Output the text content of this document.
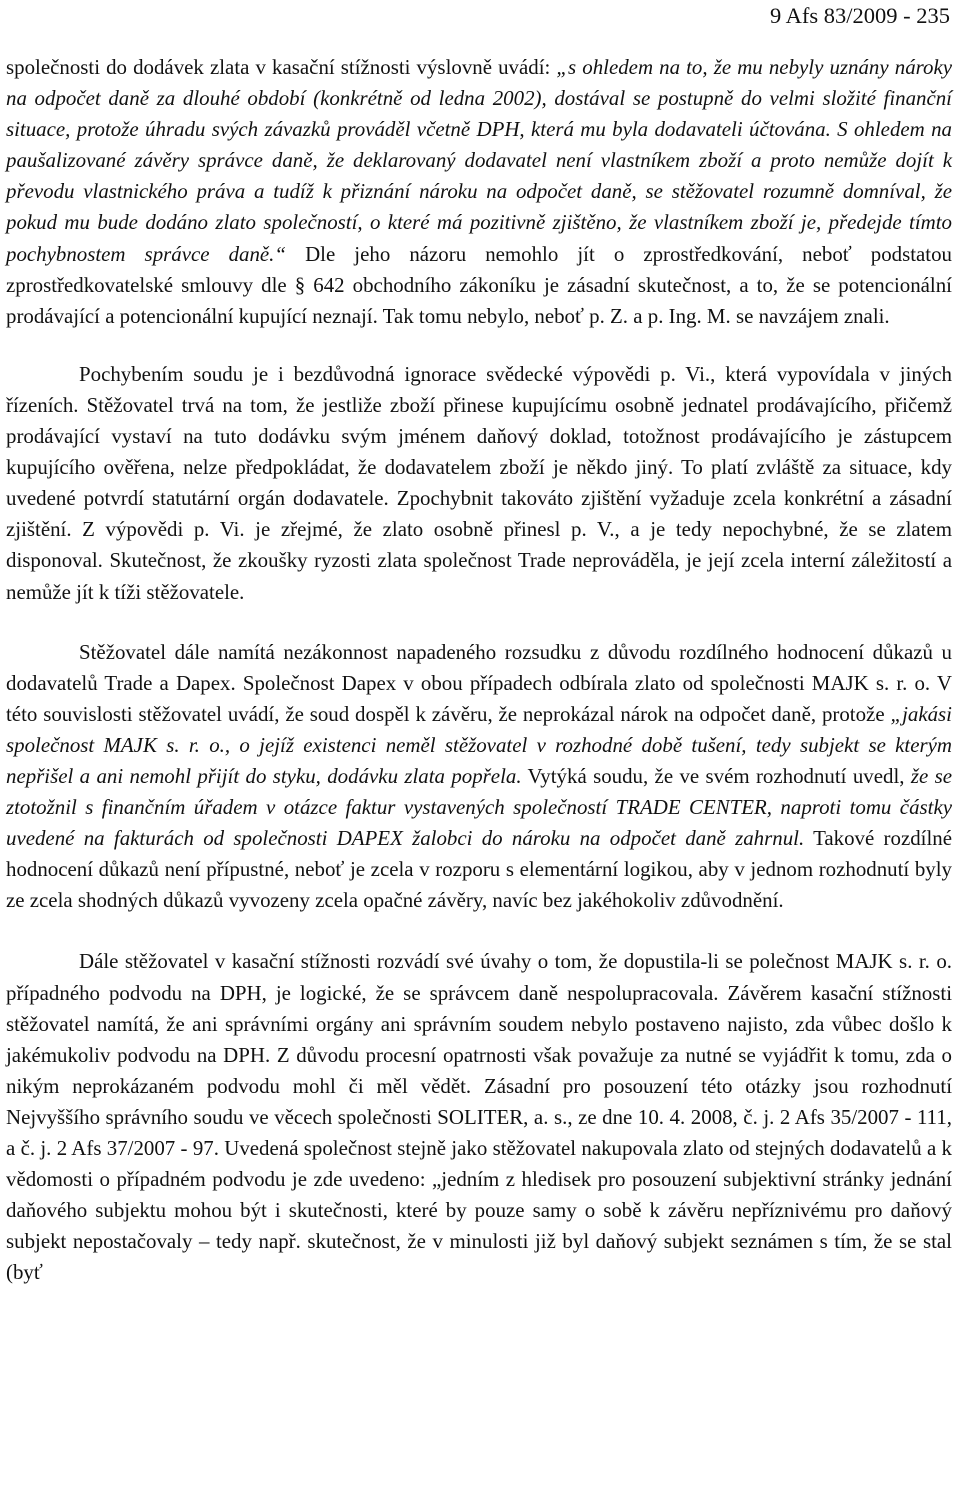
9 Afs 83/2009 - 235

společnosti do dodávek zlata v kasační stížnosti výslovně uvádí: „s ohledem na to, že mu nebyly uznány nároky na odpočet daně za dlouhé období (konkrétně od ledna 2002), dostával se postupně do velmi složité finanční situace, protože úhradu svých závazků prováděl včetně DPH, která mu byla dodavateli účtována. S ohledem na paušalizované závěry správce daně, že deklarovaný dodavatel není vlastníkem zboží a proto nemůže dojít k převodu vlastnického práva a tudíž k přiznání nároku na odpočet daně, se stěžovatel rozumně domníval, že pokud mu bude dodáno zlato společností, o které má pozitivně zjištěno, že vlastníkem zboží je, předejde tímto pochybnostem správce daně.“ Dle jeho názoru nemohlo jít o zprostředkování, neboť podstatou zprostředkovatelské smlouvy dle § 642 obchodního zákoníku je zásadní skutečnost, a to, že se potencionální prodávající a potencionální kupující neznají. Tak tomu nebylo, neboť p. Z. a p. Ing. M. se navzájem znali.

Pochybením soudu je i bezdůvodná ignorace svědecké výpovědi p. Vi., která vypovídala v jiných řízeních. Stěžovatel trvá na tom, že jestliže zboží přinese kupujícímu osobně jednatel prodávajícího, přičemž prodávající vystaví na tuto dodávku svým jménem daňový doklad, totožnost prodávajícího je zástupcem kupujícího ověřena, nelze předpokládat, že dodavatelem zboží je někdo jiný. To platí zvláště za situace, kdy uvedené potvrdí statutární orgán dodavatele. Zpochybnit takováto zjištění vyžaduje zcela konkrétní a zásadní zjištění. Z výpovědi p. Vi. je zřejmé, že zlato osobně přinesl p. V., a je tedy nepochybné, že se zlatem disponoval. Skutečnost, že zkoušky ryzosti zlata společnost Trade neprováděla, je její zcela interní záležitostí a nemůže jít k tíži stěžovatele.

Stěžovatel dále namítá nezákonnost napadeného rozsudku z důvodu rozdílného hodnocení důkazů u dodavatelů Trade a Dapex. Společnost Dapex v obou případech odbírala zlato od společnosti MAJK s. r. o. V této souvislosti stěžovatel uvádí, že soud dospěl k závěru, že neprokázal nárok na odpočet daně, protože „jakási společnost MAJK s. r. o., o jejíž existenci neměl stěžovatel v rozhodné době tušení, tedy subjekt se kterým nepřišel a ani nemohl přijít do styku, dodávku zlata popřela. Vytýká soudu, že ve svém rozhodnutí uvedl, že se ztotožnil s finančním úřadem v otázce faktur vystavených společností TRADE CENTER, naproti tomu částky uvedené na fakturách od společnosti DAPEX žalobci do nároku na odpočet daně zahrnul. Takové rozdílné hodnocení důkazů není přípustné, neboť je zcela v rozporu s elementární logikou, aby v jednom rozhodnutí byly ze zcela shodných důkazů vyvozeny zcela opačné závěry, navíc bez jakéhokoliv zdůvodnění.

Dále stěžovatel v kasační stížnosti rozvádí své úvahy o tom, že dopustila-li se polečnost MAJK s. r. o. případného podvodu na DPH, je logické, že se správcem daně nespolupracovala. Závěrem kasační stížnosti stěžovatel namítá, že ani správními orgány ani správním soudem nebylo postaveno najisto, zda vůbec došlo k jakémukoliv podvodu na DPH. Z důvodu procesní opatrnosti však považuje za nutné se vyjádřit k tomu, zda o nikým neprokázaném podvodu mohl či měl vědět. Zásadní pro posouzení této otázky jsou rozhodnutí Nejvyššího správního soudu ve věcech společnosti SOLITER, a. s., ze dne 10. 4. 2008, č. j. 2 Afs 35/2007 - 111, a č. j. 2 Afs 37/2007 - 97. Uvedená společnost stejně jako stěžovatel nakupovala zlato od stejných dodavatelů a k vědomosti o případném podvodu je zde uvedeno: „jedním z hledisek pro posouzení subjektivní stránky jednání daňového subjektu mohou být i skutečnosti, které by pouze samy o sobě k závěru nepříznivému pro daňový subjekt nepostačovaly – tedy např. skutečnost, že v minulosti již byl daňový subjekt seznámen s tím, že se stal (byť
